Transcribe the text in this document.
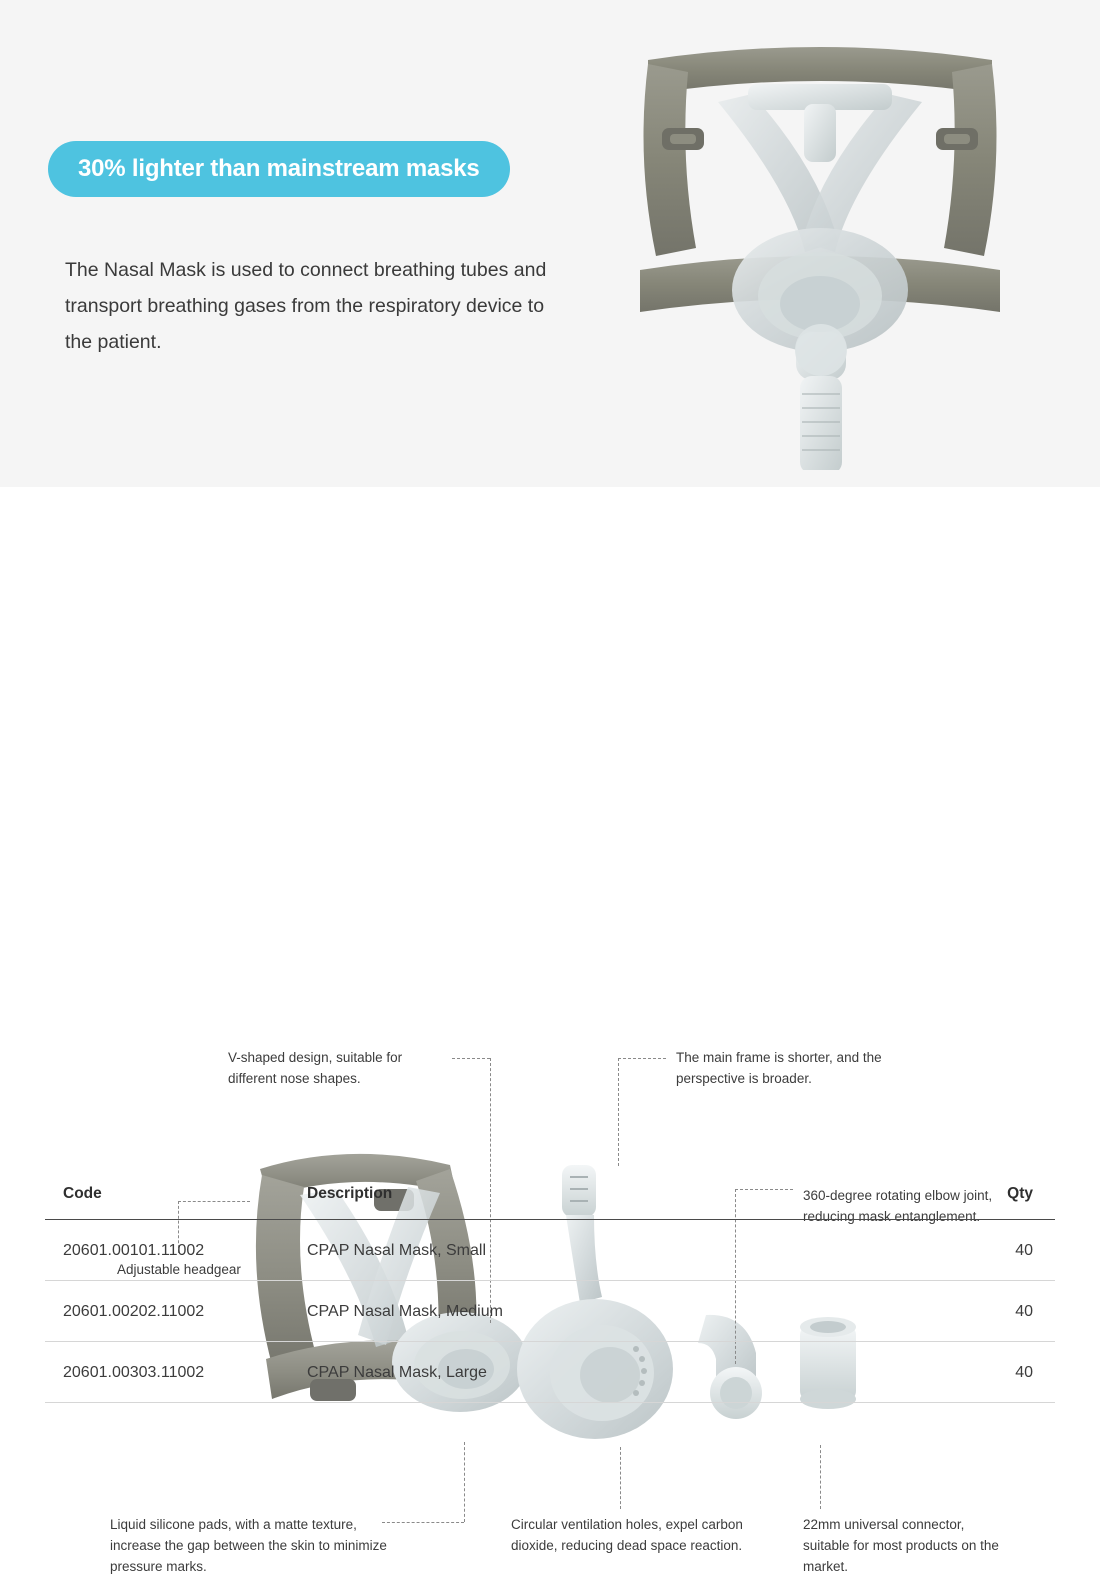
30% lighter than mainstream masks

The Nasal Mask is used to connect breathing tubes and transport breathing gases from the respiratory device to the patient.

V-shaped design, suitable for different nose shapes.
The main frame is shorter, and the perspective is broader.
360-degree rotating elbow joint, reducing mask entanglement.
Adjustable headgear
Liquid silicone pads, with a matte texture, increase the gap between the skin to minimize pressure marks.
Circular ventilation holes, expel carbon dioxide, reducing dead space reaction.
22mm universal connector, suitable for most products on the market.
Code	Description	Qty
20601.00101.11002	CPAP Nasal Mask, Small	40
20601.00202.11002	CPAP Nasal Mask, Medium	40
20601.00303.11002	CPAP Nasal Mask, Large	40
